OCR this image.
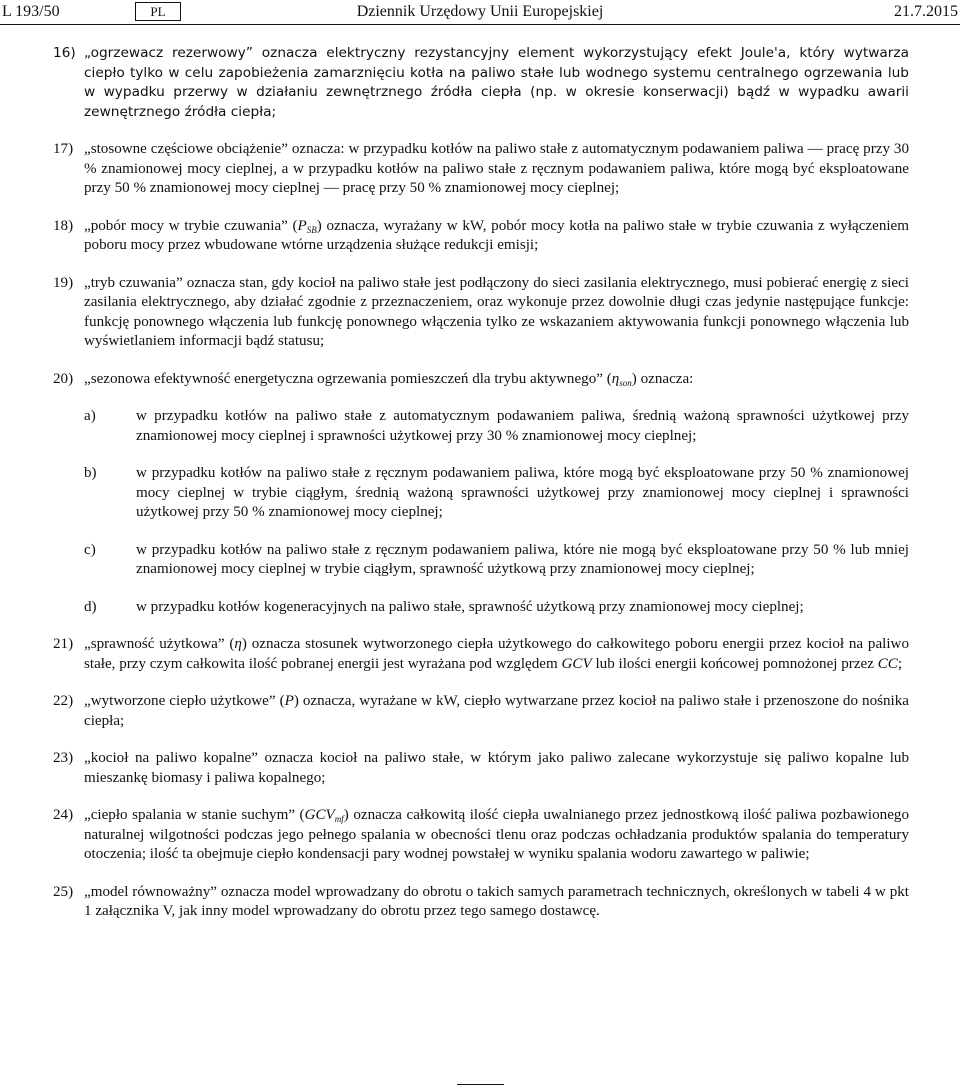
L 193/50	PL	Dziennik Urzędowy Unii Europejskiej	21.7.2015
16) „ogrzewacz rezerwowy” oznacza elektryczny rezystancyjny element wykorzystujący efekt Joule'a, który wytwarza ciepło tylko w celu zapobieżenia zamarznięciu kotła na paliwo stałe lub wodnego systemu centralnego ogrzewania lub w wypadku przerwy w działaniu zewnętrznego źródła ciepła (np. w okresie konserwacji) bądź w wypadku awarii zewnętrznego źródła ciepła;
17) „stosowne częściowe obciążenie” oznacza: w przypadku kotłów na paliwo stałe z automatycznym podawaniem paliwa — pracę przy 30 % znamionowej mocy cieplnej, a w przypadku kotłów na paliwo stałe z ręcznym podawaniem paliwa, które mogą być eksploatowane przy 50 % znamionowej mocy cieplnej — pracę przy 50 % znamionowej mocy cieplnej;
18) „pobór mocy w trybie czuwania” $(P_{SB})$ oznacza, wyrażany w kW, pobór mocy kotła na paliwo stałe w trybie czuwania z wyłączeniem poboru mocy przez wbudowane wtórne urządzenia służące redukcji emisji;
19) „tryb czuwania” oznacza stan, gdy kocioł na paliwo stałe jest podłączony do sieci zasilania elektrycznego, musi pobierać energię z sieci zasilania elektrycznego, aby działać zgodnie z przeznaczeniem, oraz wykonuje przez dowolnie długi czas jedynie następujące funkcje: funkcję ponownego włączenia lub funkcję ponownego włączenia tylko ze wskazaniem aktywowania funkcji ponownego włączenia lub wyświetlaniem informacji bądź statusu;
20) „sezonowa efektywność energetyczna ogrzewania pomieszczeń dla trybu aktywnego” $(\eta_{son})$ oznacza:
a)	w przypadku kotłów na paliwo stałe z automatycznym podawaniem paliwa, średnią ważoną sprawności użytkowej przy znamionowej mocy cieplnej i sprawności użytkowej przy 30 % znamionowej mocy cieplnej;
b)	w przypadku kotłów na paliwo stałe z ręcznym podawaniem paliwa, które mogą być eksploatowane przy 50 % znamionowej mocy cieplnej w trybie ciągłym, średnią ważoną sprawności użytkowej przy znamionowej mocy cieplnej i sprawności użytkowej przy 50 % znamionowej mocy cieplnej;
c)	w przypadku kotłów na paliwo stałe z ręcznym podawaniem paliwa, które nie mogą być eksploatowane przy 50 % lub mniej znamionowej mocy cieplnej w trybie ciągłym, sprawność użytkową przy znamionowej mocy cieplnej;
d)	w przypadku kotłów kogeneracyjnych na paliwo stałe, sprawność użytkową przy znamionowej mocy cieplnej;
21) „sprawność użytkowa” (η) oznacza stosunek wytworzonego ciepła użytkowego do całkowitego poboru energii przez kocioł na paliwo stałe, przy czym całkowita ilość pobranej energii jest wyrażana pod względem GCV lub ilości energii końcowej pomnożonej przez CC;
22) „wytworzone ciepło użytkowe” (P) oznacza, wyrażane w kW, ciepło wytwarzane przez kocioł na paliwo stałe i przenoszone do nośnika ciepła;
23) „kocioł na paliwo kopalne” oznacza kocioł na paliwo stałe, w którym jako paliwo zalecane wykorzystuje się paliwo kopalne lub mieszankę biomasy i paliwa kopalnego;
24) „ciepło spalania w stanie suchym” $(GCV_{mf})$ oznacza całkowitą ilość ciepła uwalnianego przez jednostkową ilość paliwa pozbawionego naturalnej wilgotności podczas jego pełnego spalania w obecności tlenu oraz podczas ochładzania produktów spalania do temperatury otoczenia; ilość ta obejmuje ciepło kondensacji pary wodnej powstałej w wyniku spalania wodoru zawartego w paliwie;
25) „model równoważny” oznacza model wprowadzany do obrotu o takich samych parametrach technicznych, określonych w tabeli 4 w pkt 1 załącznika V, jak inny model wprowadzany do obrotu przez tego samego dostawcę.
